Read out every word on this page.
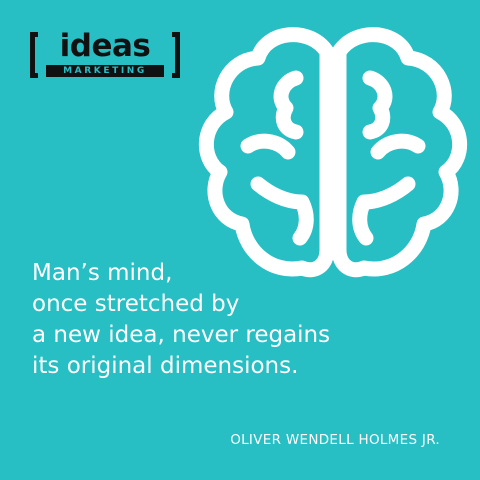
ideas
MARKETING

Man’s mind,
once stretched by
a new idea, never regains
its original dimensions.

OLIVER WENDELL HOLMES JR.
